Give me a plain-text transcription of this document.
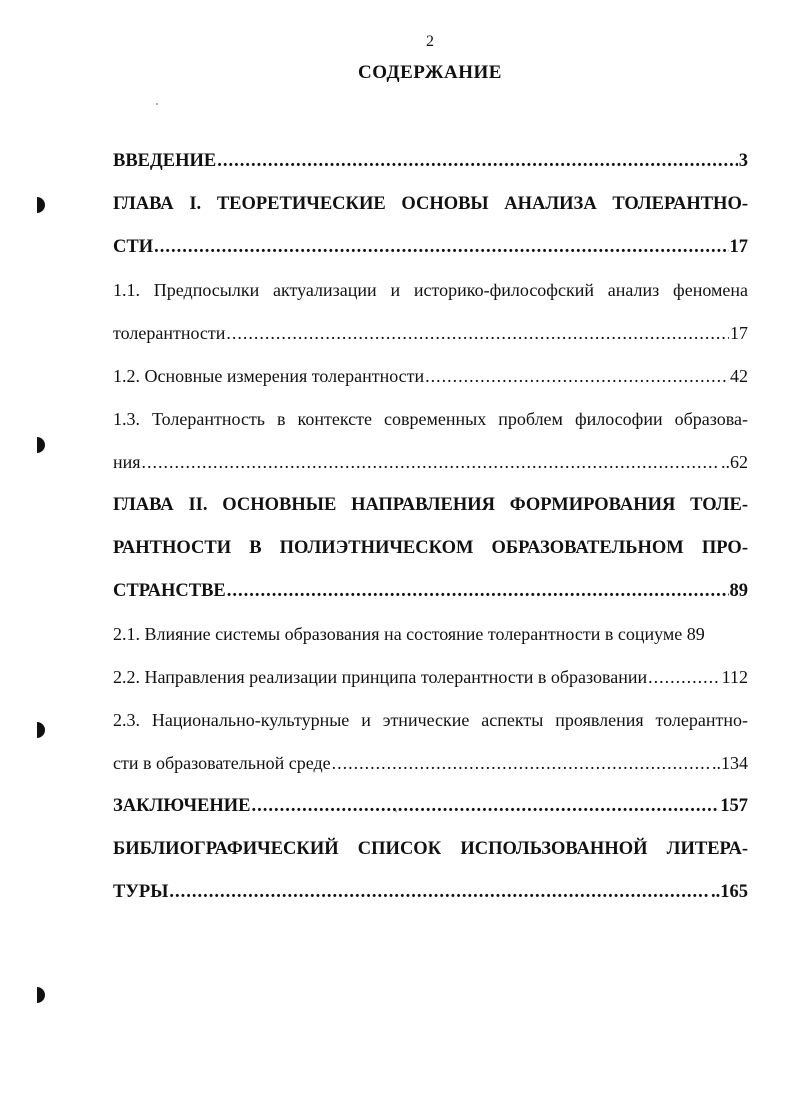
2
СОДЕРЖАНИЕ
ВВЕДЕНИЕ .....	3
ГЛАВА I. ТЕОРЕТИЧЕСКИЕ ОСНОВЫ АНАЛИЗА ТОЛЕРАНТНО-
СТИ .....	17
1.1. Предпосылки актуализации и историко-философский анализ феномена
толерантности .....	17
1.2. Основные измерения толерантности .....	42
1.3. Толерантность в контексте современных проблем философии образова-
ния .....	..62
ГЛАВА II. ОСНОВНЫЕ НАПРАВЛЕНИЯ ФОРМИРОВАНИЯ ТОЛЕ-
РАНТНОСТИ В ПОЛИЭТНИЧЕСКОМ ОБРАЗОВАТЕЛЬНОМ ПРО-
СТРАНСТВЕ .....	89
2.1. Влияние системы образования на состояние толерантности в социуме 89
2.2. Направления реализации принципа толерантности в образовании .....	112
2.3. Национально-культурные и этнические аспекты проявления толерантно-
сти в образовательной среде .....	..134
ЗАКЛЮЧЕНИЕ .....	157
БИБЛИОГРАФИЧЕСКИЙ СПИСОК ИСПОЛЬЗОВАННОЙ ЛИТЕРА-
ТУРЫ .....	..165
